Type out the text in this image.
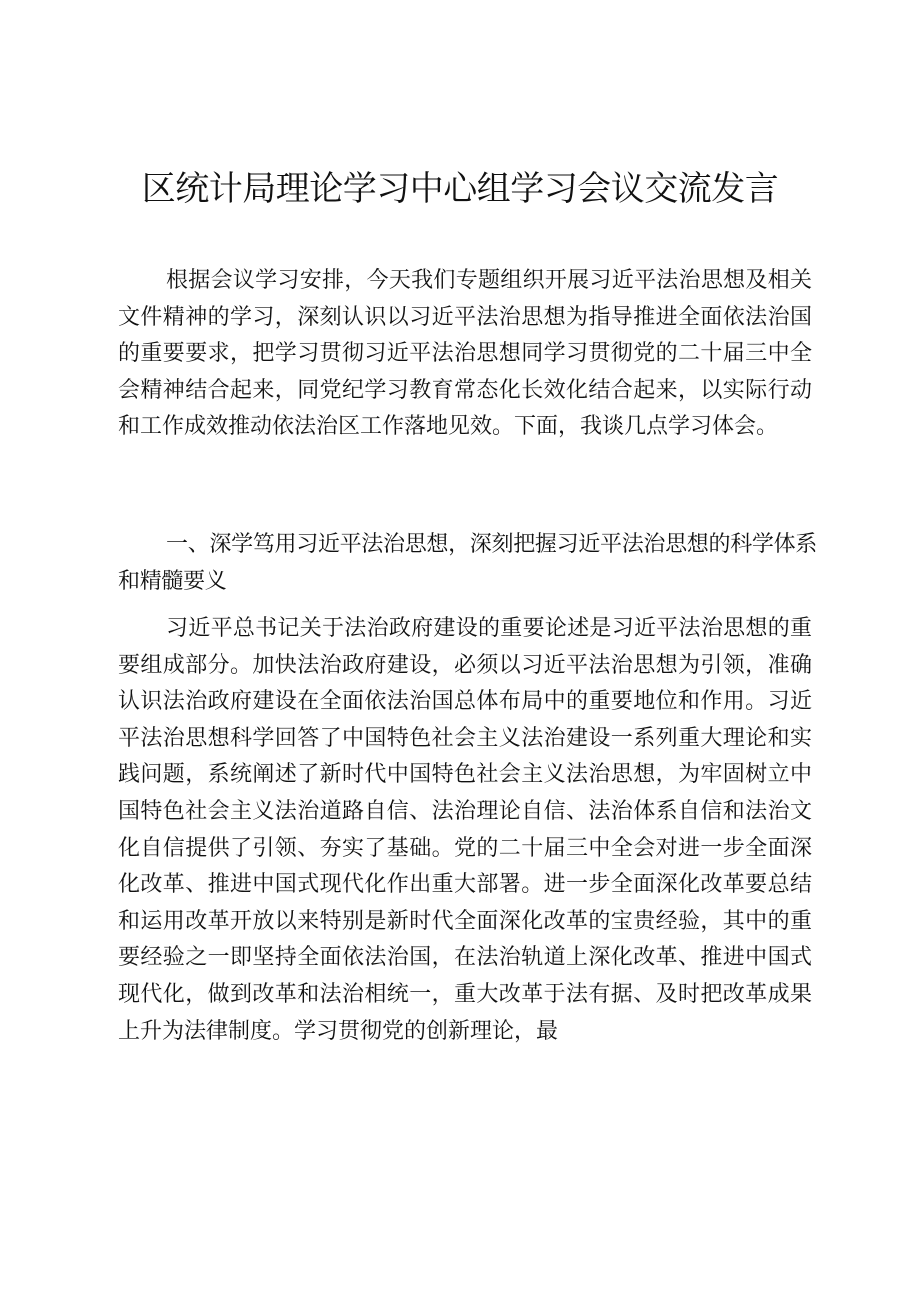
区统计局理论学习中心组学习会议交流发言

根据会议学习安排，今天我们专题组织开展习近平法治思想及相关文件精神的学习，深刻认识以习近平法治思想为指导推进全面依法治国的重要要求，把学习贯彻习近平法治思想同学习贯彻党的二十届三中全会精神结合起来，同党纪学习教育常态化长效化结合起来，以实际行动和工作成效推动依法治区工作落地见效。下面，我谈几点学习体会。

一、深学笃用习近平法治思想，深刻把握习近平法治思想的科学体系和精髓要义

习近平总书记关于法治政府建设的重要论述是习近平法治思想的重要组成部分。加快法治政府建设，必须以习近平法治思想为引领，准确认识法治政府建设在全面依法治国总体布局中的重要地位和作用。习近平法治思想科学回答了中国特色社会主义法治建设一系列重大理论和实践问题，系统阐述了新时代中国特色社会主义法治思想，为牢固树立中国特色社会主义法治道路自信、法治理论自信、法治体系自信和法治文化自信提供了引领、夯实了基础。党的二十届三中全会对进一步全面深化改革、推进中国式现代化作出重大部署。进一步全面深化改革要总结和运用改革开放以来特别是新时代全面深化改革的宝贵经验，其中的重要经验之一即坚持全面依法治国，在法治轨道上深化改革、推进中国式现代化，做到改革和法治相统一，重大改革于法有据、及时把改革成果上升为法律制度。学习贯彻党的创新理论，最
